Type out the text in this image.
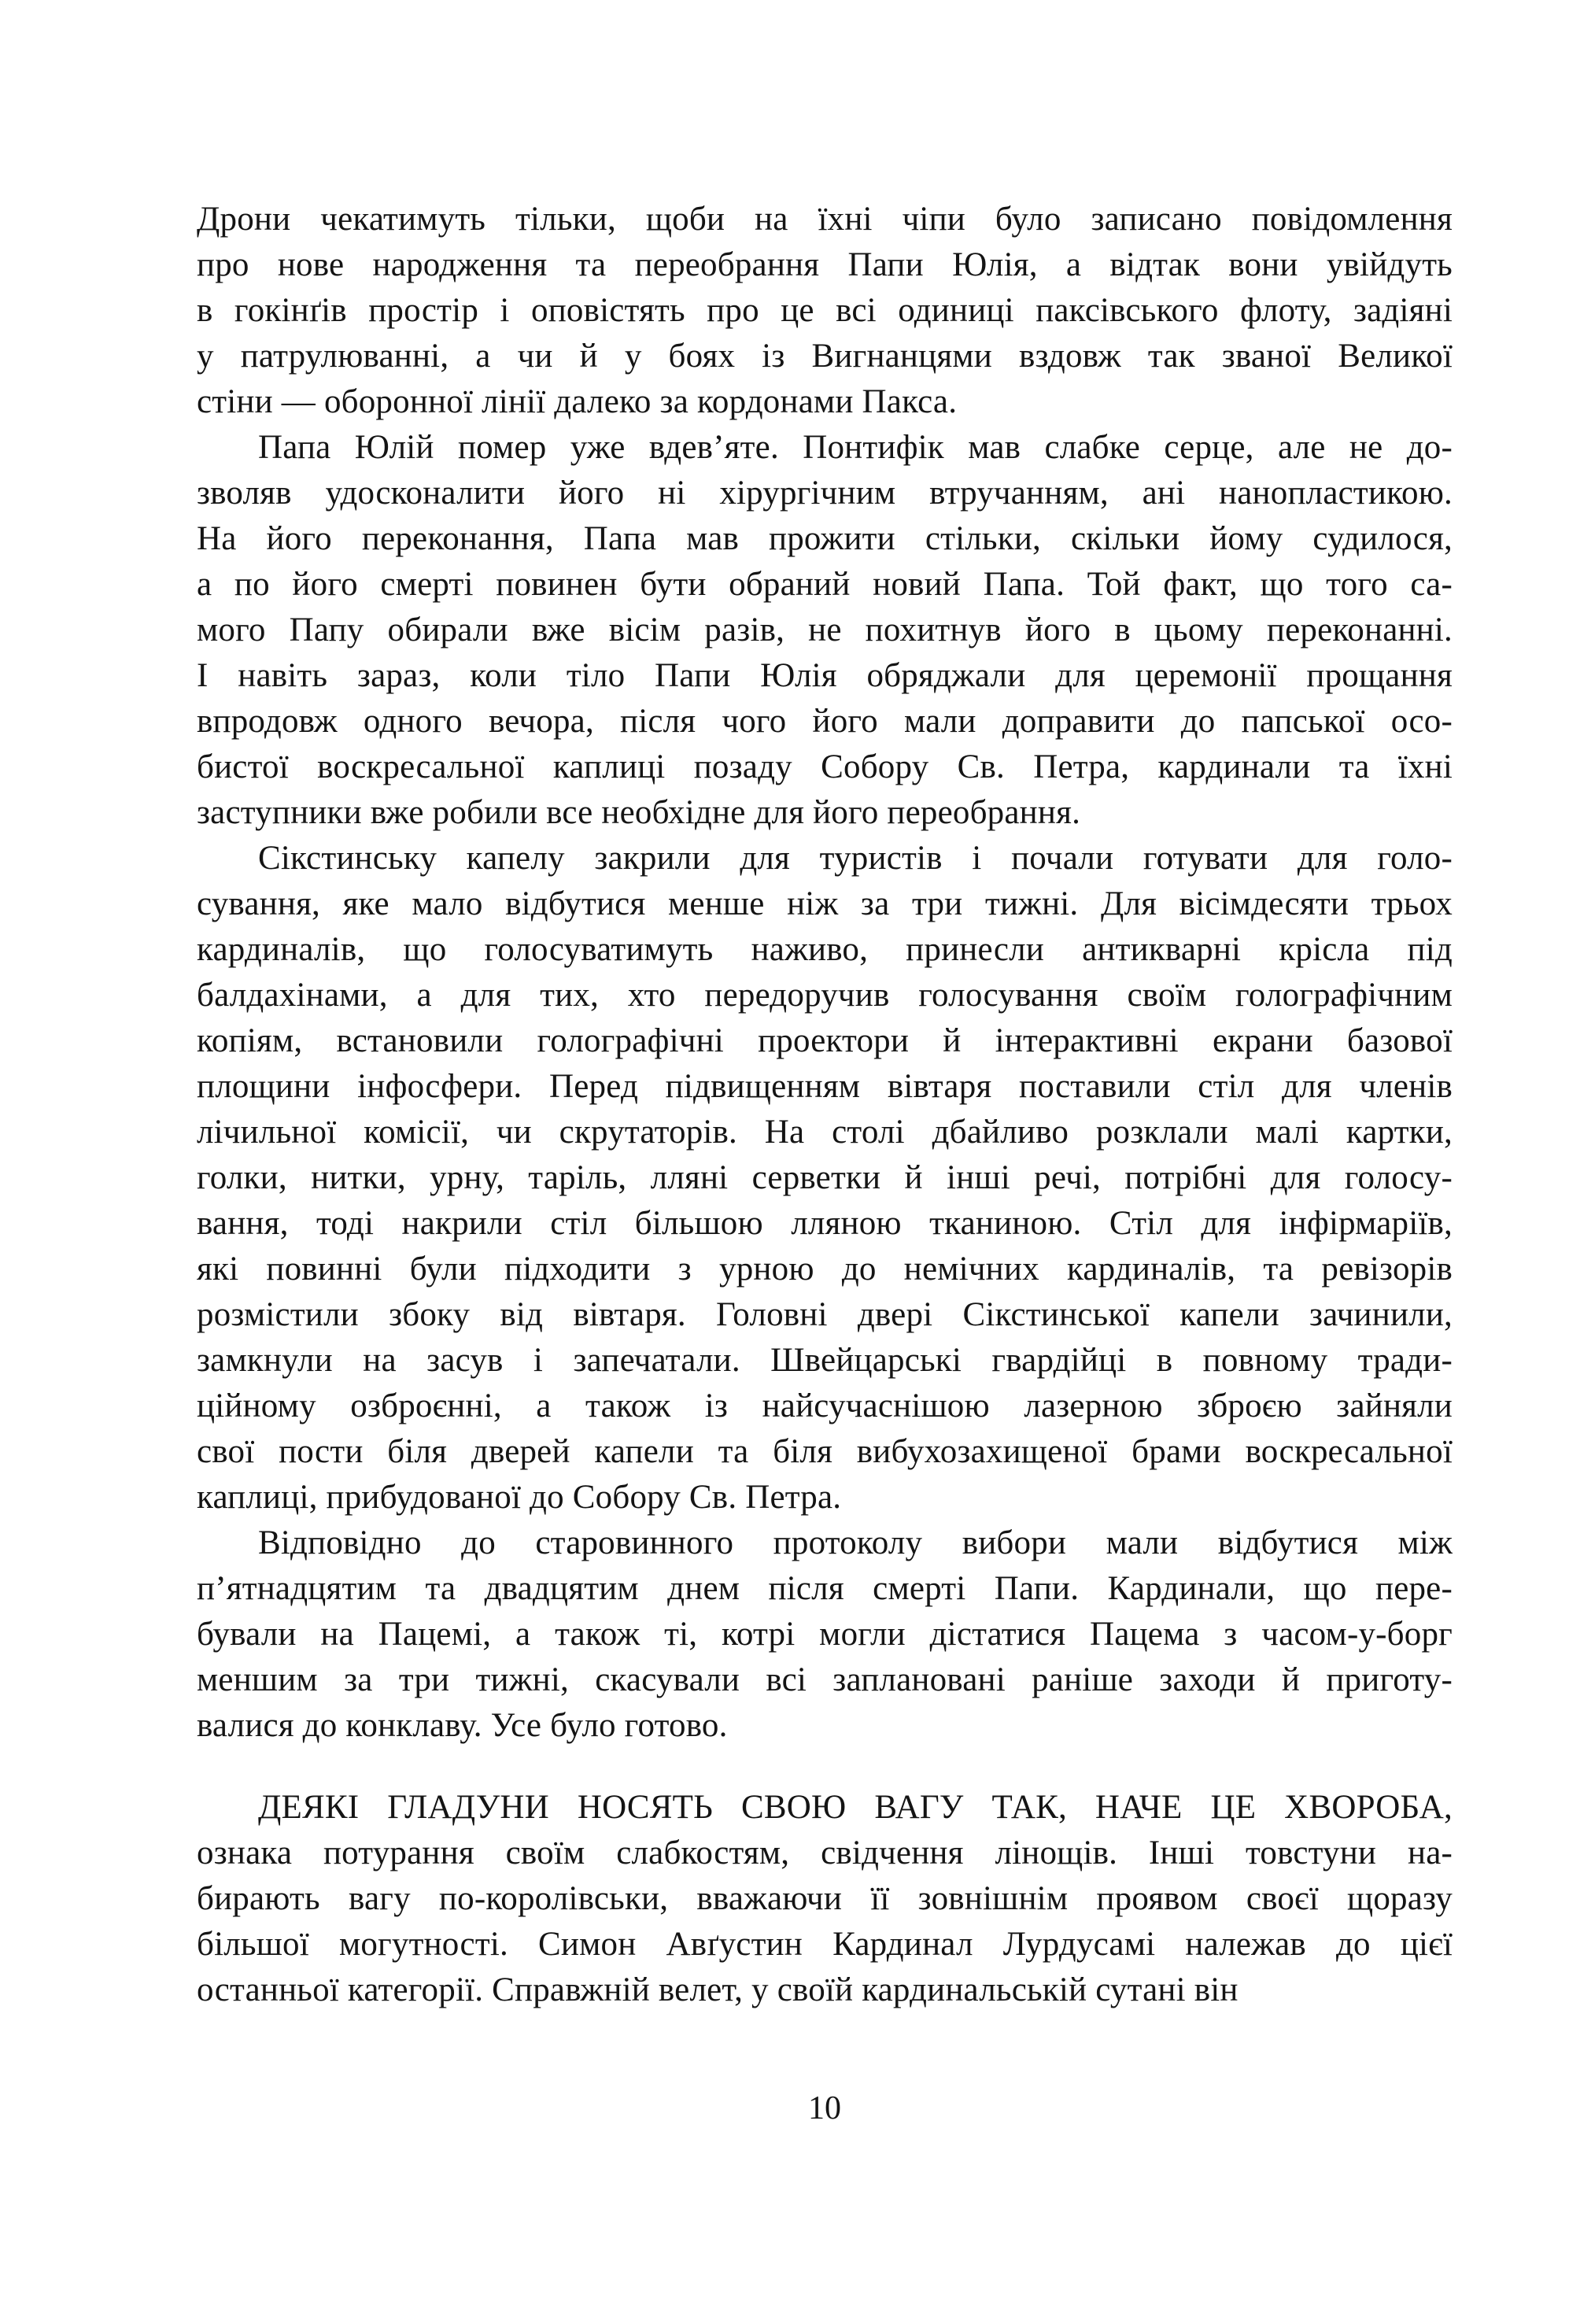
Дрони чекатимуть тільки, щоби на їхні чіпи було записано повідомлення
про нове народження та переобрання Папи Юлія, а відтак вони увійдуть
в гокінґів простір і оповістять про це всі одиниці паксівського флоту, задіяні
у патрулюванні, а чи й у боях із Вигнанцями вздовж так званої Великої
стіни — оборонної лінії далеко за кордонами Пакса.
Папа Юлій помер уже вдев’яте. Понтифік мав слабке серце, але не до-
зволяв удосконалити його ні хірургічним втручанням, ані нанопластикою.
На його переконання, Папа мав прожити стільки, скільки йому судилося,
а по його смерті повинен бути обраний новий Папа. Той факт, що того са-
мого Папу обирали вже вісім разів, не похитнув його в цьому переконанні.
І навіть зараз, коли тіло Папи Юлія обряджали для церемонії прощання
впродовж одного вечора, після чого його мали доправити до папської осо-
бистої воскресальної каплиці позаду Собору Св. Петра, кардинали та їхні
заступники вже робили все необхідне для його переобрання.
Сікстинську капелу закрили для туристів і почали готувати для голо-
сування, яке мало відбутися менше ніж за три тижні. Для вісімдесяти трьох
кардиналів, що голосуватимуть наживо, принесли антикварні крісла під
балдахінами, а для тих, хто передоручив голосування своїм голографічним
копіям, встановили голографічні проектори й інтерактивні екрани базової
площини інфосфери. Перед підвищенням вівтаря поставили стіл для членів
лічильної комісії, чи скрутаторів. На столі дбайливо розклали малі картки,
голки, нитки, урну, таріль, лляні серветки й інші речі, потрібні для голосу-
вання, тоді накрили стіл більшою лляною тканиною. Стіл для інфірмаріїв,
які повинні були підходити з урною до немічних кардиналів, та ревізорів
розмістили збоку від вівтаря. Головні двері Сікстинської капели зачинили,
замкнули на засув і запечатали. Швейцарські гвардійці в повному тради-
ційному озброєнні, а також із найсучаснішою лазерною зброєю зайняли
свої пости біля дверей капели та біля вибухозахищеної брами воскресальної
каплиці, прибудованої до Собору Св. Петра.
Відповідно до старовинного протоколу вибори мали відбутися між
п’ятнадцятим та двадцятим днем після смерті Папи. Кардинали, що пере-
бували на Пацемі, а також ті, котрі могли дістатися Пацема з часом-у-борг
меншим за три тижні, скасували всі заплановані раніше заходи й приготу-
валися до конклаву. Усе було готово.
ДЕЯКІ ГЛАДУНИ НОСЯТЬ СВОЮ ВАГУ ТАК, НАЧЕ ЦЕ ХВОРОБА,
ознака потурання своїм слабкостям, свідчення лінощів. Інші товстуни на-
бирають вагу по-королівськи, вважаючи її зовнішнім проявом своєї щоразу
більшої могутності. Симон Авґустин Кардинал Лурдусамі належав до цієї
останньої категорії. Справжній велет, у своїй кардинальській сутані він
10
